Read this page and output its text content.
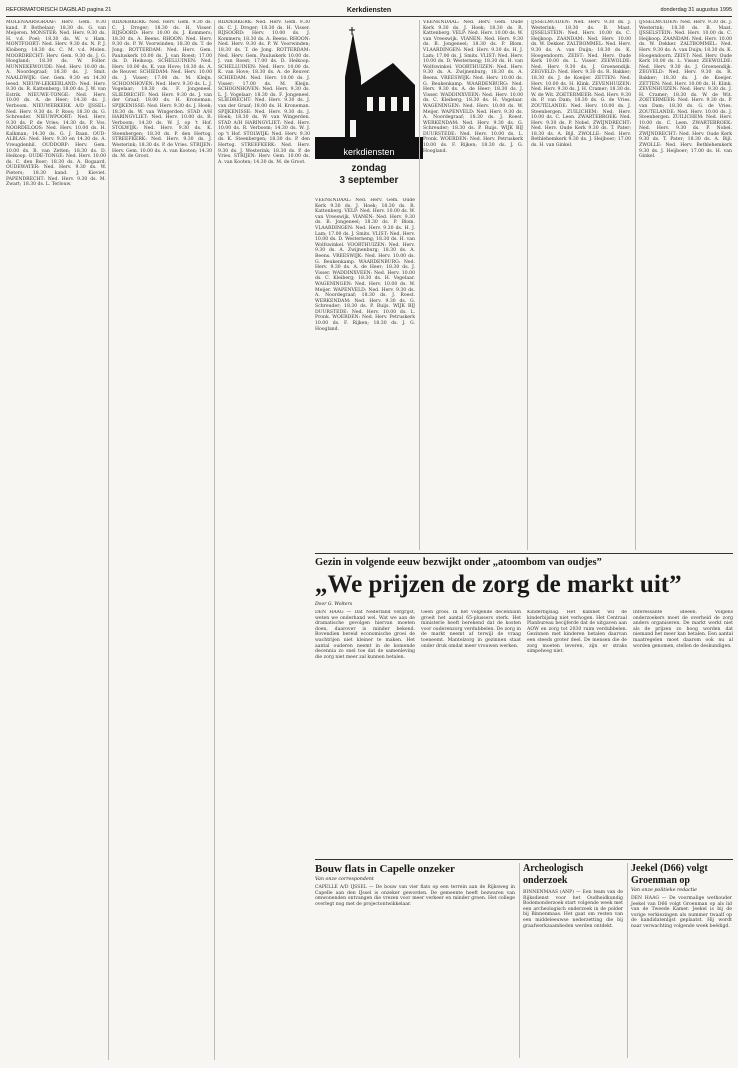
REFORMATORISCH DAGBLAD pagina 21	Kerkdiensten	donderdag 31 augustus 1995
MOLENAARSGRAAF: Herv. Gem. 9.30 kand. P. Bothelaar; 18.30 ds. G. van Meijeren. MONSTER: Ned. Herv. 9.30 ds. H. v.d. Poel; 18.30 ds. W. v. Ham. MONTFOORT: Ned. Herv. 9.30 ds. N. P. J. Kloiberg; 18.30 ds. C. M. v.d. Molen. MOORDRECHT: Herv. Gem. 9.30 ds. J. G. Hoogland; 18.30 ds. W. Foller. MUNNEKEWOUDE: Ned. Herv. 10.00 ds. A. Noordegraaf; 18.30 ds. J. Smit. NAALDWIJK: Ger. Gem. 9.30 en 14.30 leesd. NIEUW-LEKKERLAND: Ned. Herv. 9.30 ds. R. Kattenberg; 18.00 ds. J. W. van Estrik. NIEUWE-TONGE: Ned. Herv. 10.00 ds. A. de Heer; 14.30 ds. J. Verboom. NIEUWERKERK A/D IJSSEL: Ned. Herv. 9.30 ds. P. Roos; 18.30 ds. G. Schreuder. NIEUWPOORT: Ned. Herv. 9.30 ds. P. de Vries; 14.30 ds. P. Vos. NOORDELOOS: Ned. Herv. 10.00 ds. H. Kalkman; 14.30 ds. G. J. Baan. OUD-ALBLAS: Ned. Herv. 9.30 en 14.30 ds. A. Vreugdenhil. OUDDORP: Herv. Gem. 10.00 ds. B. van Zetten; 18.30 ds. D. Heikoop. OUDE-TONGE: Ned. Herv. 10.00 ds. C. den Boer; 18.30 ds. A. Bogaard. OUDEWATER: Ned. Herv. 9.30 ds. W. Pieters; 18.30 kand. J. Kieviet. PAPENDRECHT: Ned. Herv. 9.30 ds. M. Zwart; 18.30 ds. L. Terlouw.
RIDDERKERK: Ned. Herv. Gem. 9.30 ds. C. J. Droger; 18.30 ds. H. Visser. RIJSOORD: Herv. 10.00 ds. J. Kommers; 18.30 ds. A. Beens. RHOON: Ned. Herv. 9.30 ds. P. W. Voorwinden; 18.30 ds. T. de Jong. ROTTERDAM: Ned. Herv. Gem. Pauluskerk 10.00 ds. J. van Roest; 17.00 ds. D. Heikoop. SCHELLUINEN: Ned. Herv. 10.00 ds. K. van Hove; 18.30 ds. A. de Reuver. SCHIEDAM: Ned. Herv. 10.00 ds. J. Visser; 17.00 ds. M. Kleijn. SCHOONHOVEN: Ned. Herv. 9.30 ds. L. J. Vogelaar; 18.30 ds. F. Jongeneel. SLIEDRECHT: Ned. Herv. 9.30 ds. J. van der Graaf; 18.00 ds. H. Kroneman. SPIJKENISSE: Ned. Herv. 9.30 ds. J. Hoek; 18.30 ds. W. van Wingerden. STAD A/H HARINGVLIET: Ned. Herv. 10.00 ds. R. Verboom; 14.30 ds. W. J. op 't Hof. STOLWIJK: Ned. Herv. 9.30 ds. K. Steenbergen; 18.30 ds. P. den Hertog. STREEFKERK: Ned. Herv. 9.30 ds. J. Westerink; 18.30 ds. P. de Vries. STRIJEN: Herv. Gem. 10.00 ds. A. van Kooten; 14.30 ds. M. de Groot.
RIDDERKERK: Ned. Herv. Gem. 9.30 ds. C. J. Droger; 18.30 ds. H. Visser. RIJSOORD: Herv. 10.00 ds. J. Kommers; 18.30 ds. A. Beens. RHOON: Ned. Herv. 9.30 ds. P. W. Voorwinden; 18.30 ds. T. de Jong. ROTTERDAM: Ned. Herv. Gem. Pauluskerk 10.00 ds. J. van Roest; 17.00 ds. D. Heikoop. SCHELLUINEN: Ned. Herv. 10.00 ds. K. van Hove; 18.30 ds. A. de Reuver. SCHIEDAM: Ned. Herv. 10.00 ds. J. Visser; 17.00 ds. M. Kleijn. SCHOONHOVEN: Ned. Herv. 9.30 ds. L. J. Vogelaar; 18.30 ds. F. Jongeneel. SLIEDRECHT: Ned. Herv. 9.30 ds. J. van der Graaf; 18.00 ds. H. Kroneman. SPIJKENISSE: Ned. Herv. 9.30 ds. J. Hoek; 18.30 ds. W. van Wingerden. STAD A/H HARINGVLIET: Ned. Herv. 10.00 ds. R. Verboom; 14.30 ds. W. J. op 't Hof. STOLWIJK: Ned. Herv. 9.30 ds. K. Steenbergen; 18.30 ds. P. den Hertog. STREEFKERK: Ned. Herv. 9.30 ds. J. Westerink; 18.30 ds. P. de Vries. STRIJEN: Herv. Gem. 10.00 ds. A. van Kooten; 14.30 ds. M. de Groot.
kerkdiensten
zondag
3 september
VEENENDAAL: Ned. Herv. Gem. Oude Kerk 9.30 ds. J. Hoek; 18.30 ds. R. Kattenberg. VELP: Ned. Herv. 10.00 ds. W. van Vreeswijk. VIANEN: Ned. Herv. 9.30 ds. B. Jongeneel; 18.30 ds. P. Blom. VLAARDINGEN: Ned. Herv. 9.30 ds. H. J. Lam; 17.00 ds. J. Smits. VLIST: Ned. Herv. 10.00 ds. D. Westerneng; 18.30 ds. H. van Wolfswinkel. VOORTHUIZEN: Ned. Herv. 9.30 ds. A. Zwijnenburg; 18.30 ds. A. Beens. VREESWIJK: Ned. Herv. 10.00 ds. G. Beukenkamp. WAARDENBURG: Ned. Herv. 9.30 ds. A. de Heer; 18.30 ds. J. Visser. WADDINXVEEN: Ned. Herv. 10.00 ds. C. Kleiberg; 18.30 ds. H. Vogelaar. WAGENINGEN: Ned. Herv. 10.00 ds. W. Meijer. WAPENVELD: Ned. Herv. 9.30 ds. A. Noordegraaf; 18.30 ds. J. Roest. WERKENDAM: Ned. Herv. 9.30 ds. G. Schreuder; 18.30 ds. P. Ruijs. WIJK BIJ DUURSTEDE: Ned. Herv. 10.00 ds. L. Pronk. WOERDEN: Ned. Herv. Petruskerk 10.00 ds. F. Rijken; 18.30 ds. J. G. Hoogland.
VEENENDAAL: Ned. Herv. Gem. Oude Kerk 9.30 ds. J. Hoek; 18.30 ds. R. Kattenberg. VELP: Ned. Herv. 10.00 ds. W. van Vreeswijk. VIANEN: Ned. Herv. 9.30 ds. B. Jongeneel; 18.30 ds. P. Blom. VLAARDINGEN: Ned. Herv. 9.30 ds. H. J. Lam; 17.00 ds. J. Smits. VLIST: Ned. Herv. 10.00 ds. D. Westerneng; 18.30 ds. H. van Wolfswinkel. VOORTHUIZEN: Ned. Herv. 9.30 ds. A. Zwijnenburg; 18.30 ds. A. Beens. VREESWIJK: Ned. Herv. 10.00 ds. G. Beukenkamp. WAARDENBURG: Ned. Herv. 9.30 ds. A. de Heer; 18.30 ds. J. Visser. WADDINXVEEN: Ned. Herv. 10.00 ds. C. Kleiberg; 18.30 ds. H. Vogelaar. WAGENINGEN: Ned. Herv. 10.00 ds. W. Meijer. WAPENVELD: Ned. Herv. 9.30 ds. A. Noordegraaf; 18.30 ds. J. Roest. WERKENDAM: Ned. Herv. 9.30 ds. G. Schreuder; 18.30 ds. P. Ruijs. WIJK BIJ DUURSTEDE: Ned. Herv. 10.00 ds. L. Pronk. WOERDEN: Ned. Herv. Petruskerk 10.00 ds. F. Rijken; 18.30 ds. J. G. Hoogland.
IJSSELMUIDEN: Ned. Herv. 9.30 ds. J. Westerink; 18.30 ds. B. Maat. IJSSELSTEIN: Ned. Herv. 10.00 ds. C. Heijkoop. ZAANDAM: Ned. Herv. 10.00 ds. W. Dekker. ZALTBOMMEL: Ned. Herv. 9.30 ds. A. van Duijn; 18.30 ds. K. Hoogendoorn. ZEIST: Ned. Herv. Oude Kerk 10.00 ds. L. Visser. ZEEWOLDE: Ned. Herv. 9.30 ds. J. Groenendijk. ZEGVELD: Ned. Herv. 9.30 ds. R. Bakker; 18.30 ds. J. de Koeijer. ZETTEN: Ned. Herv. 10.00 ds. H. Klink. ZEVENHUIZEN: Ned. Herv. 9.30 ds. J. H. Cramer; 18.30 ds. W. de Wit. ZOETERMEER: Ned. Herv. 9.30 ds. P. van Dam; 18.30 ds. G. de Vries. ZOUTELANDE: Ned. Herv. 10.00 ds. J. Steenbergen. ZUILICHEM: Ned. Herv. 10.00 ds. C. Leen. ZWARTEBROEK: Ned. Herv. 9.30 ds. P. Nobel. ZWIJNDRECHT: Ned. Herv. Oude Kerk 9.30 ds. T. Pater; 18.30 ds. A. Bijl. ZWOLLE: Ned. Herv. Bethlehemkerk 9.30 ds. J. Heijboer; 17.00 ds. H. van Ginkel.
IJSSELMUIDEN: Ned. Herv. 9.30 ds. J. Westerink; 18.30 ds. B. Maat. IJSSELSTEIN: Ned. Herv. 10.00 ds. C. Heijkoop. ZAANDAM: Ned. Herv. 10.00 ds. W. Dekker. ZALTBOMMEL: Ned. Herv. 9.30 ds. A. van Duijn; 18.30 ds. K. Hoogendoorn. ZEIST: Ned. Herv. Oude Kerk 10.00 ds. L. Visser. ZEEWOLDE: Ned. Herv. 9.30 ds. J. Groenendijk. ZEGVELD: Ned. Herv. 9.30 ds. R. Bakker; 18.30 ds. J. de Koeijer. ZETTEN: Ned. Herv. 10.00 ds. H. Klink. ZEVENHUIZEN: Ned. Herv. 9.30 ds. J. H. Cramer; 18.30 ds. W. de Wit. ZOETERMEER: Ned. Herv. 9.30 ds. P. van Dam; 18.30 ds. G. de Vries. ZOUTELANDE: Ned. Herv. 10.00 ds. J. Steenbergen. ZUILICHEM: Ned. Herv. 10.00 ds. C. Leen. ZWARTEBROEK: Ned. Herv. 9.30 ds. P. Nobel. ZWIJNDRECHT: Ned. Herv. Oude Kerk 9.30 ds. T. Pater; 18.30 ds. A. Bijl. ZWOLLE: Ned. Herv. Bethlehemkerk 9.30 ds. J. Heijboer; 17.00 ds. H. van Ginkel.
Gezin in volgende eeuw bezwijkt onder „atoombom van oudjes”
„We prijzen de zorg de markt uit”
Door G. Wolters
DEN HAAG — Dat Nederland vergrijst, weten we onderhand wel. Wat we aan de dramatische gevolgen hiervan moeten doen, daarover is minder bekend. Bovendien bereid economische groei de wachtrijen niet kleiner te maken. Het aantal ouderen neemt in de komende decennia zo snel toe dat de samenleving die zorg niet meer zal kunnen betalen.
Geen groei. In het volgende decennium groeit het aantal 65-plussers sterk. Het ministerie heeft berekend dat de kosten voor ouderenzorg verdubbelen. De zorg in de markt neemt af terwijl de vraag toeneemt. Mantelzorg in gezinnen staat onder druk omdat meer vrouwen werken.
Kinderbijslag. Het kabinet wil de kinderbijslag niet verhogen. Het Centraal Planbureau becijferde dat de uitgaven aan AOW en zorg tot 2030 ruim verdubbelen. Gezinnen met kinderen betalen daarvan een steeds groter deel. De mensen die de zorg moeten leveren, zijn er straks simpelweg niet.
Interessante ideeën. Volgens onderzoekers moet de overheid de zorg anders organiseren. De markt werkt niet als de prijzen zo hoog worden dat niemand het meer kan betalen. Een aantal maatregelen moet daarom ook nu al worden genomen, stellen de deskundigen.
Bouw flats in Capelle onzeker
Van onze correspondent
CAPELLE A/D IJSSEL — De bouw van vier flats op een terrein aan de Rijksweg in Capelle aan den IJssel is onzeker geworden. De gemeente heeft bezwaren van omwonenden ontvangen die vrezen voor meer verkeer en minder groen. Het college overlegt nog met de projectontwikkelaar.
Archeologisch onderzoek
BINNENMAAS (ANP) — Een team van de Rijksdienst voor het Oudheidkundig Bodemonderzoek start volgende week met een archeologisch onderzoek in de polder bij Binnenmaas. Het gaat om resten van een middeleeuwse nederzetting die bij graafwerkzaamheden werden ontdekt.
Jeekel (D66) volgt Groenman op
Van onze politieke redactie
DEN HAAG — De voormalige wethouder Jeekel van D66 volgt Groenman op als lid van de Tweede Kamer. Jeekel is bij de vorige verkiezingen als nummer twaalf op de kandidatenlijst geplaatst. Hij wordt naar verwachting volgende week beëdigd.
